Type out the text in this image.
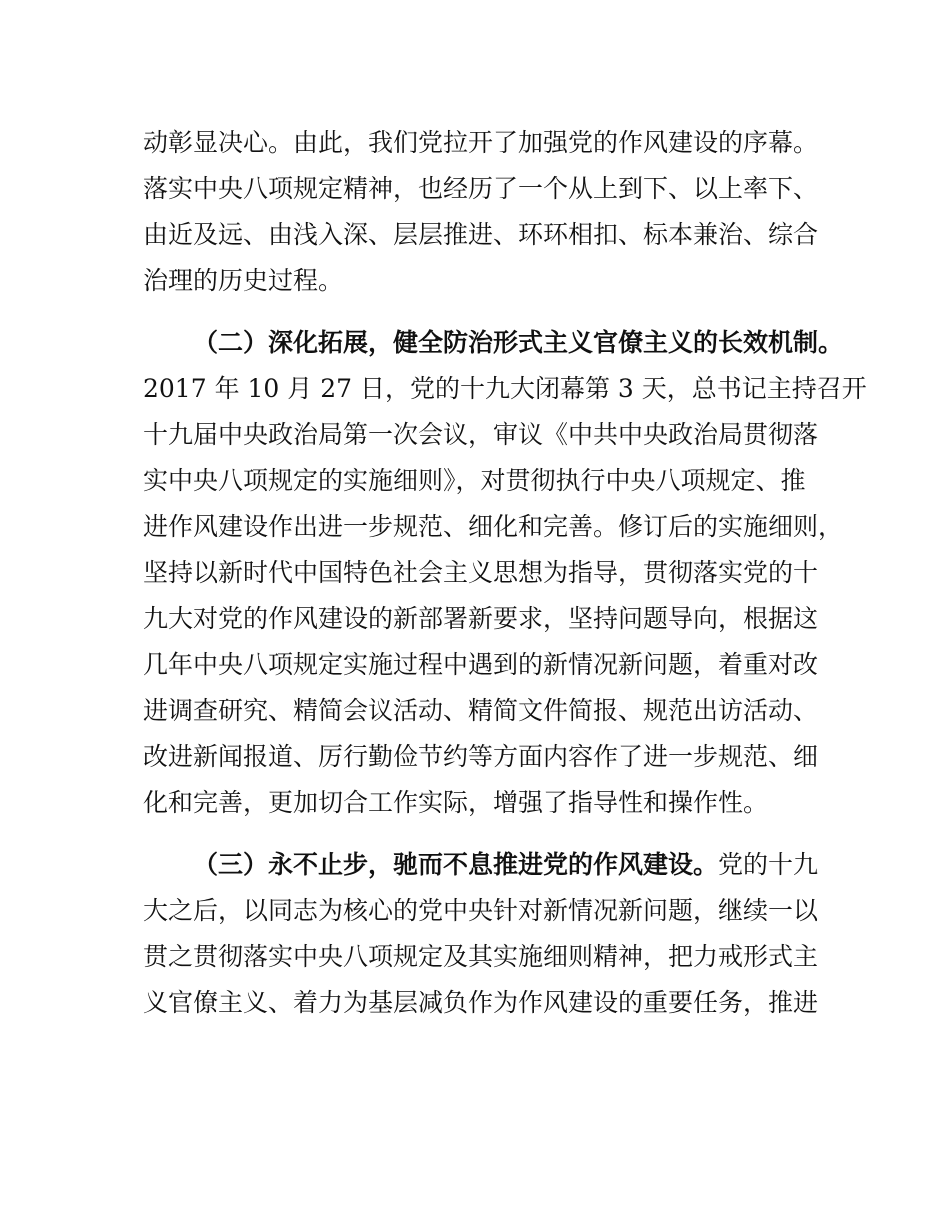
动彰显决心。由此，我们党拉开了加强党的作风建设的序幕。
落实中央八项规定精神，也经历了一个从上到下、以上率下、
由近及远、由浅入深、层层推进、环环相扣、标本兼治、综合
治理的历史过程。
（二）深化拓展，健全防治形式主义官僚主义的长效机制。
2017 年 10 月 27 日，党的十九大闭幕第 3 天，总书记主持召开
十九届中央政治局第一次会议，审议《中共中央政治局贯彻落
实中央八项规定的实施细则》，对贯彻执行中央八项规定、推
进作风建设作出进一步规范、细化和完善。修订后的实施细则，
坚持以新时代中国特色社会主义思想为指导，贯彻落实党的十
九大对党的作风建设的新部署新要求，坚持问题导向，根据这
几年中央八项规定实施过程中遇到的新情况新问题，着重对改
进调查研究、精简会议活动、精简文件简报、规范出访活动、
改进新闻报道、厉行勤俭节约等方面内容作了进一步规范、细
化和完善，更加切合工作实际，增强了指导性和操作性。
（三）永不止步，驰而不息推进党的作风建设。党的十九
大之后，以同志为核心的党中央针对新情况新问题，继续一以
贯之贯彻落实中央八项规定及其实施细则精神，把力戒形式主
义官僚主义、着力为基层减负作为作风建设的重要任务，推进
